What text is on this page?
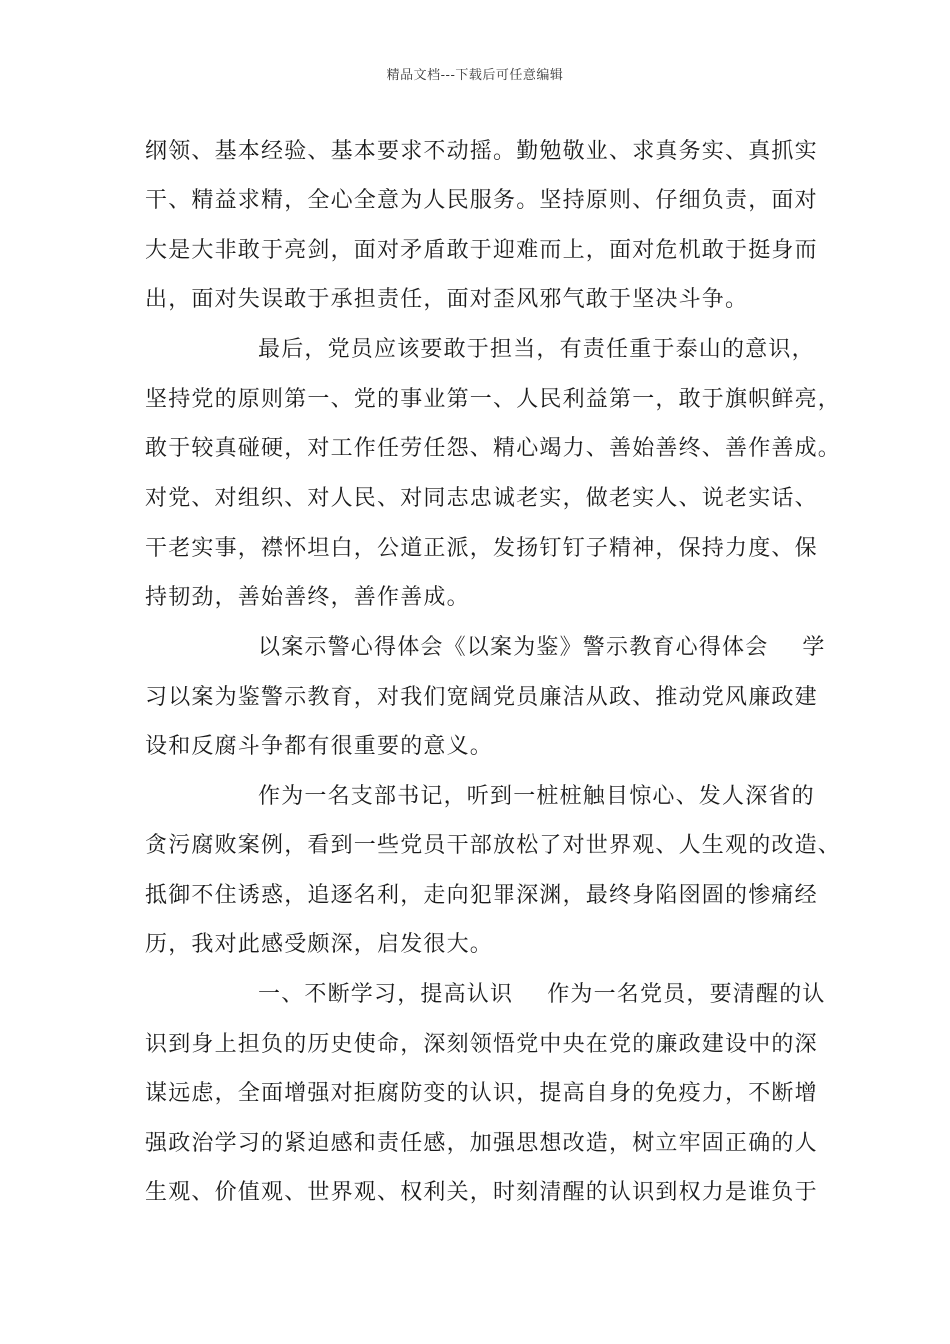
精品文档---下载后可任意编辑
纲领、基本经验、基本要求不动摇。勤勉敬业、求真务实、真抓实
干、精益求精，全心全意为人民服务。坚持原则、仔细负责，面对
大是大非敢于亮剑，面对矛盾敢于迎难而上，面对危机敢于挺身而
出，面对失误敢于承担责任，面对歪风邪气敢于坚决斗争。
最后，党员应该要敢于担当，有责任重于泰山的意识，
坚持党的原则第一、党的事业第一、人民利益第一，敢于旗帜鲜亮，
敢于较真碰硬，对工作任劳任怨、精心竭力、善始善终、善作善成。
对党、对组织、对人民、对同志忠诚老实，做老实人、说老实话、
干老实事，襟怀坦白，公道正派，发扬钉钉子精神，保持力度、保
持韧劲，善始善终，善作善成。
以案示警心得体会《以案为鉴》警示教育心得体会 学
习以案为鉴警示教育，对我们宽阔党员廉洁从政、推动党风廉政建
设和反腐斗争都有很重要的意义。
作为一名支部书记，听到一桩桩触目惊心、发人深省的
贪污腐败案例，看到一些党员干部放松了对世界观、人生观的改造、
抵御不住诱惑，追逐名利，走向犯罪深渊，最终身陷囹圄的惨痛经
历，我对此感受颇深，启发很大。
一、不断学习，提高认识 作为一名党员，要清醒的认
识到身上担负的历史使命，深刻领悟党中央在党的廉政建设中的深
谋远虑，全面增强对拒腐防变的认识，提高自身的免疫力，不断增
强政治学习的紧迫感和责任感，加强思想改造，树立牢固正确的人
生观、价值观、世界观、权利关，时刻清醒的认识到权力是谁负于
